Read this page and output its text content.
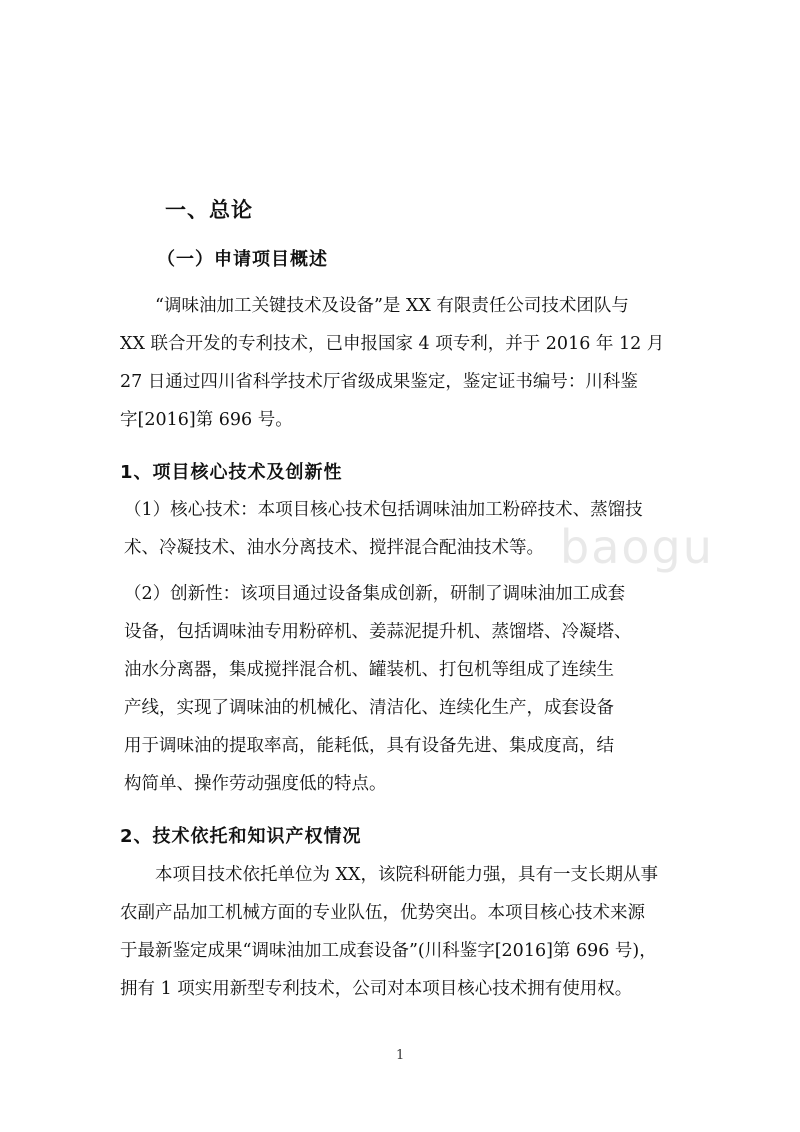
baogu
一、总论
（一）申请项目概述
　　“调味油加工关键技术及设备”是 XX 有限责任公司技术团队与
XX 联合开发的专利技术，已申报国家 4 项专利，并于 2016 年 12 月
27 日通过四川省科学技术厅省级成果鉴定，鉴定证书编号：川科鉴
字[2016]第 696 号。
1、项目核心技术及创新性
（1）核心技术：本项目核心技术包括调味油加工粉碎技术、蒸馏技
术、冷凝技术、油水分离技术、搅拌混合配油技术等。
（2）创新性：该项目通过设备集成创新，研制了调味油加工成套
设备，包括调味油专用粉碎机、姜蒜泥提升机、蒸馏塔、冷凝塔、
油水分离器，集成搅拌混合机、罐装机、打包机等组成了连续生
产线，实现了调味油的机械化、清洁化、连续化生产，成套设备
用于调味油的提取率高，能耗低，具有设备先进、集成度高，结
构简单、操作劳动强度低的特点。
2、技术依托和知识产权情况
　　本项目技术依托单位为 XX，该院科研能力强，具有一支长期从事
农副产品加工机械方面的专业队伍，优势突出。本项目核心技术来源
于最新鉴定成果“调味油加工成套设备”(川科鉴字[2016]第 696 号)，
拥有 1 项实用新型专利技术，公司对本项目核心技术拥有使用权。
1
